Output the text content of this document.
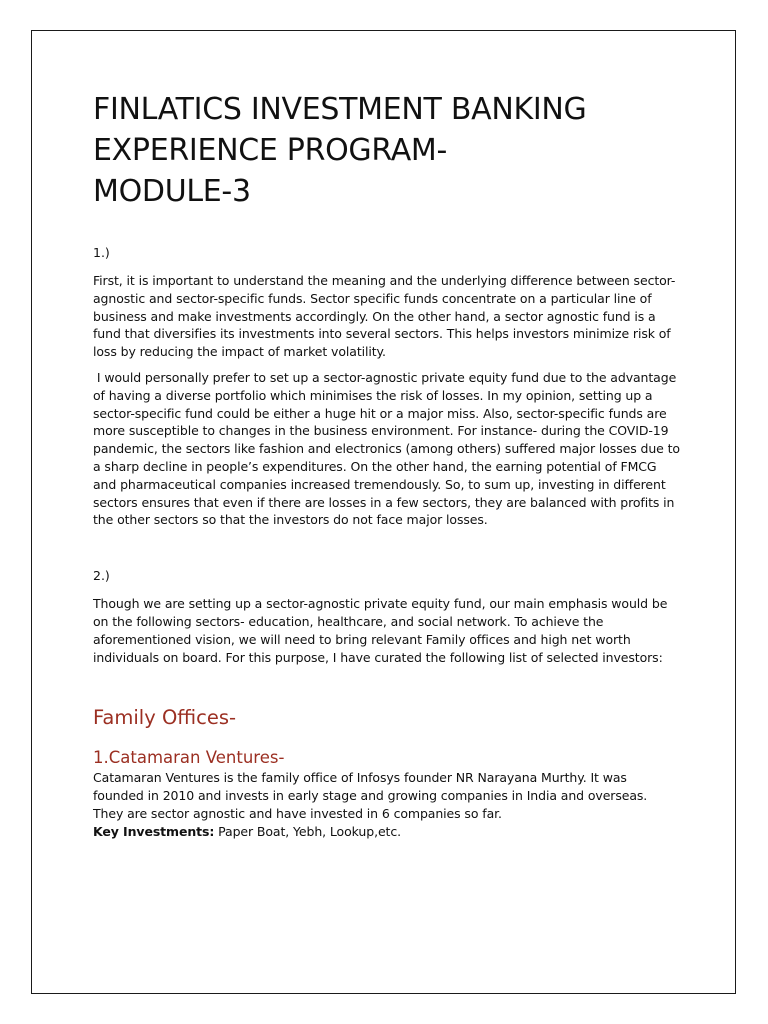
FINLATICS INVESTMENT BANKING
EXPERIENCE PROGRAM-
MODULE-3
1.)

First, it is important to understand the meaning and the underlying difference between sector-agnostic and sector-specific funds. Sector specific funds concentrate on a particular line of business and make investments accordingly. On the other hand, a sector agnostic fund is a fund that diversifies its investments into several sectors. This helps investors minimize risk of loss by reducing the impact of market volatility.

I would personally prefer to set up a sector-agnostic private equity fund due to the advantage of having a diverse portfolio which minimises the risk of losses. In my opinion, setting up a sector-specific fund could be either a huge hit or a major miss. Also, sector-specific funds are more susceptible to changes in the business environment. For instance- during the COVID-19 pandemic, the sectors like fashion and electronics (among others) suffered major losses due to a sharp decline in people’s expenditures. On the other hand, the earning potential of FMCG and pharmaceutical companies increased tremendously. So, to sum up, investing in different sectors ensures that even if there are losses in a few sectors, they are balanced with profits in the other sectors so that the investors do not face major losses.

2.)

Though we are setting up a sector-agnostic private equity fund, our main emphasis would be on the following sectors- education, healthcare, and social network. To achieve the aforementioned vision, we will need to bring relevant Family offices and high net worth individuals on board. For this purpose, I have curated the following list of selected investors:

Family Offices-
1.Catamaran Ventures-

Catamaran Ventures is the family office of Infosys founder NR Narayana Murthy. It was founded in 2010 and invests in early stage and growing companies in India and overseas. They are sector agnostic and have invested in 6 companies so far.

Key Investments: Paper Boat, Yebh, Lookup,etc.
